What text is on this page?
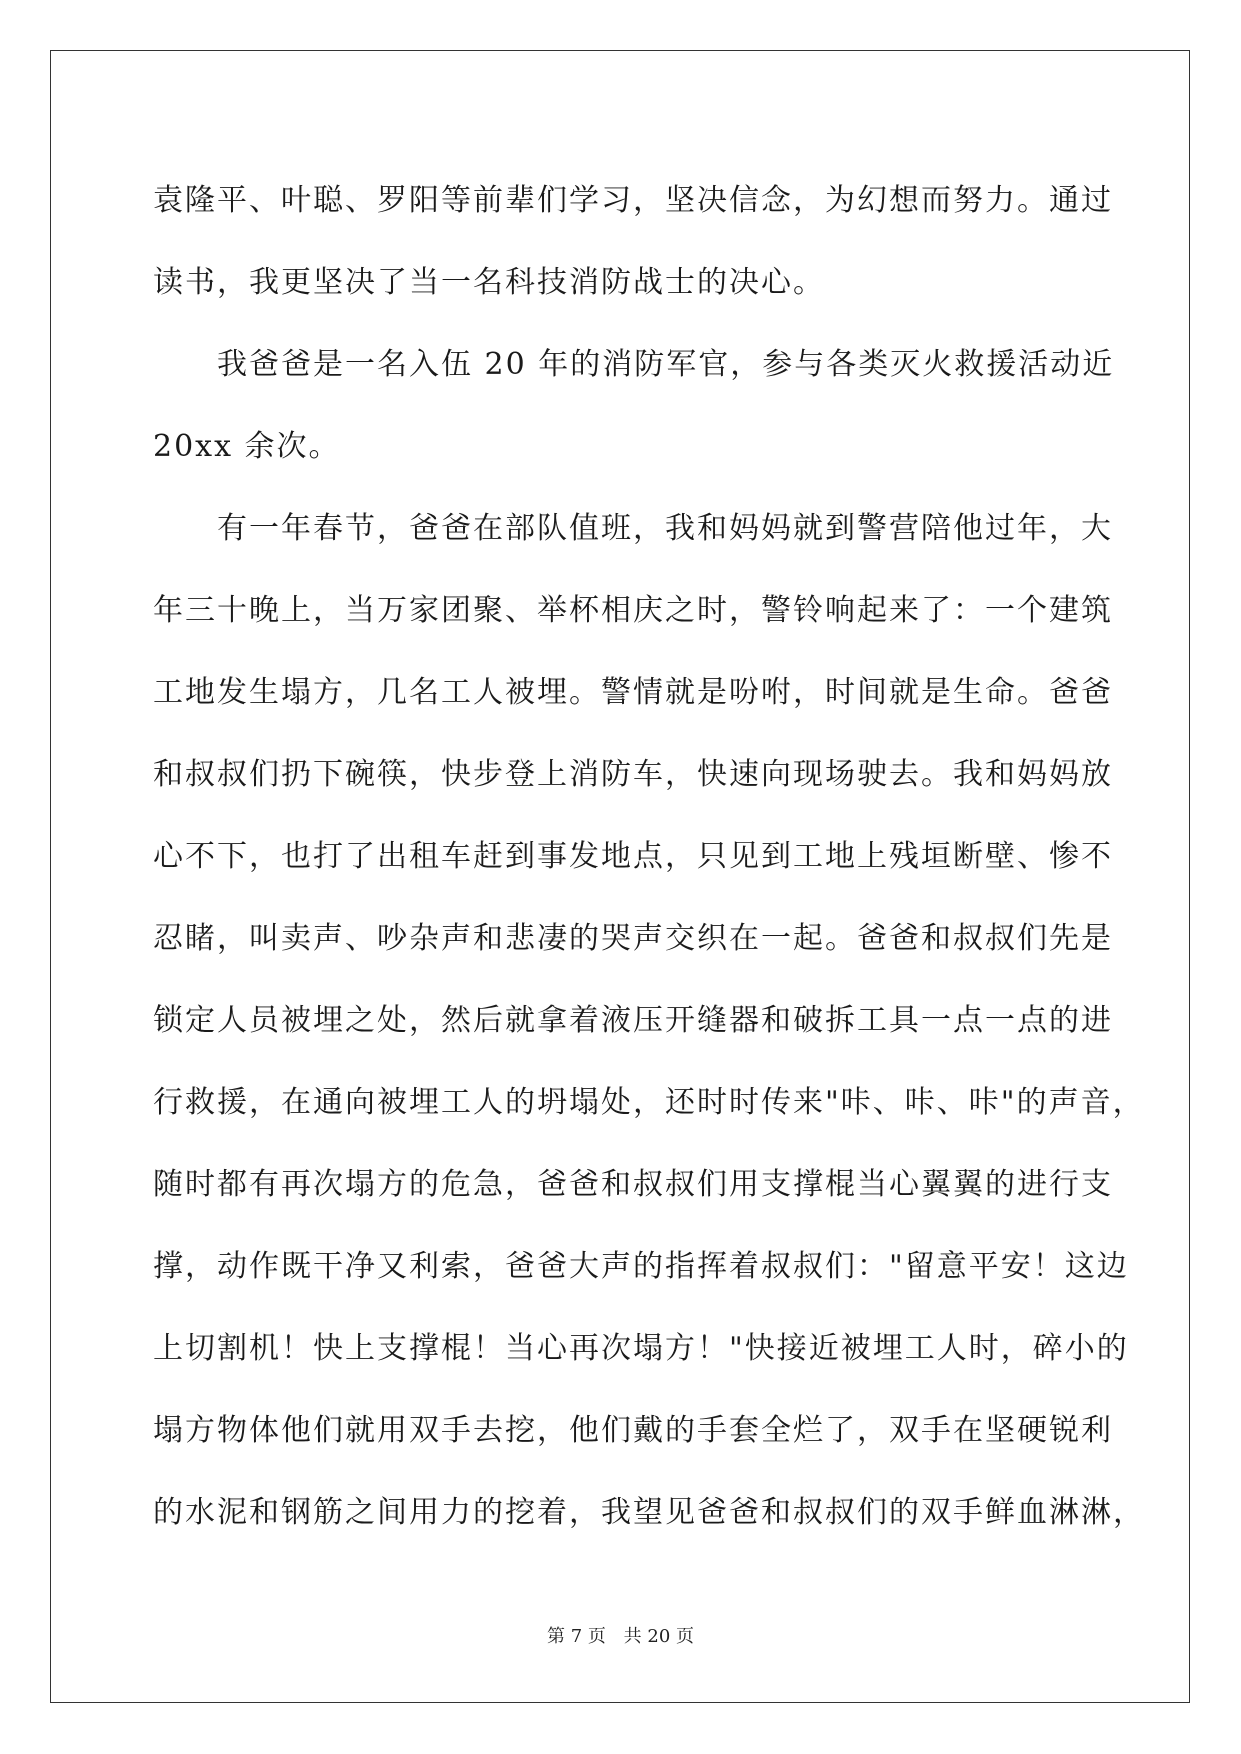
袁隆平、叶聪、罗阳等前辈们学习，坚决信念，为幻想而努力。通过
读书，我更坚决了当一名科技消防战士的决心。
我爸爸是一名入伍 20 年的消防军官，参与各类灭火救援活动近
20xx 余次。
有一年春节，爸爸在部队值班，我和妈妈就到警营陪他过年，大
年三十晚上，当万家团聚、举杯相庆之时，警铃响起来了：一个建筑
工地发生塌方，几名工人被埋。警情就是吩咐，时间就是生命。爸爸
和叔叔们扔下碗筷，快步登上消防车，快速向现场驶去。我和妈妈放
心不下，也打了出租车赶到事发地点，只见到工地上残垣断壁、惨不
忍睹，叫卖声、吵杂声和悲凄的哭声交织在一起。爸爸和叔叔们先是
锁定人员被埋之处，然后就拿着液压开缝器和破拆工具一点一点的进
行救援，在通向被埋工人的坍塌处，还时时传来"咔、咔、咔"的声音，
随时都有再次塌方的危急，爸爸和叔叔们用支撑棍当心翼翼的进行支
撑，动作既干净又利索，爸爸大声的指挥着叔叔们："留意平安！这边
上切割机！快上支撑棍！当心再次塌方！"快接近被埋工人时，碎小的
塌方物体他们就用双手去挖，他们戴的手套全烂了，双手在坚硬锐利
的水泥和钢筋之间用力的挖着，我望见爸爸和叔叔们的双手鲜血淋淋，
第 7 页 共 20 页
